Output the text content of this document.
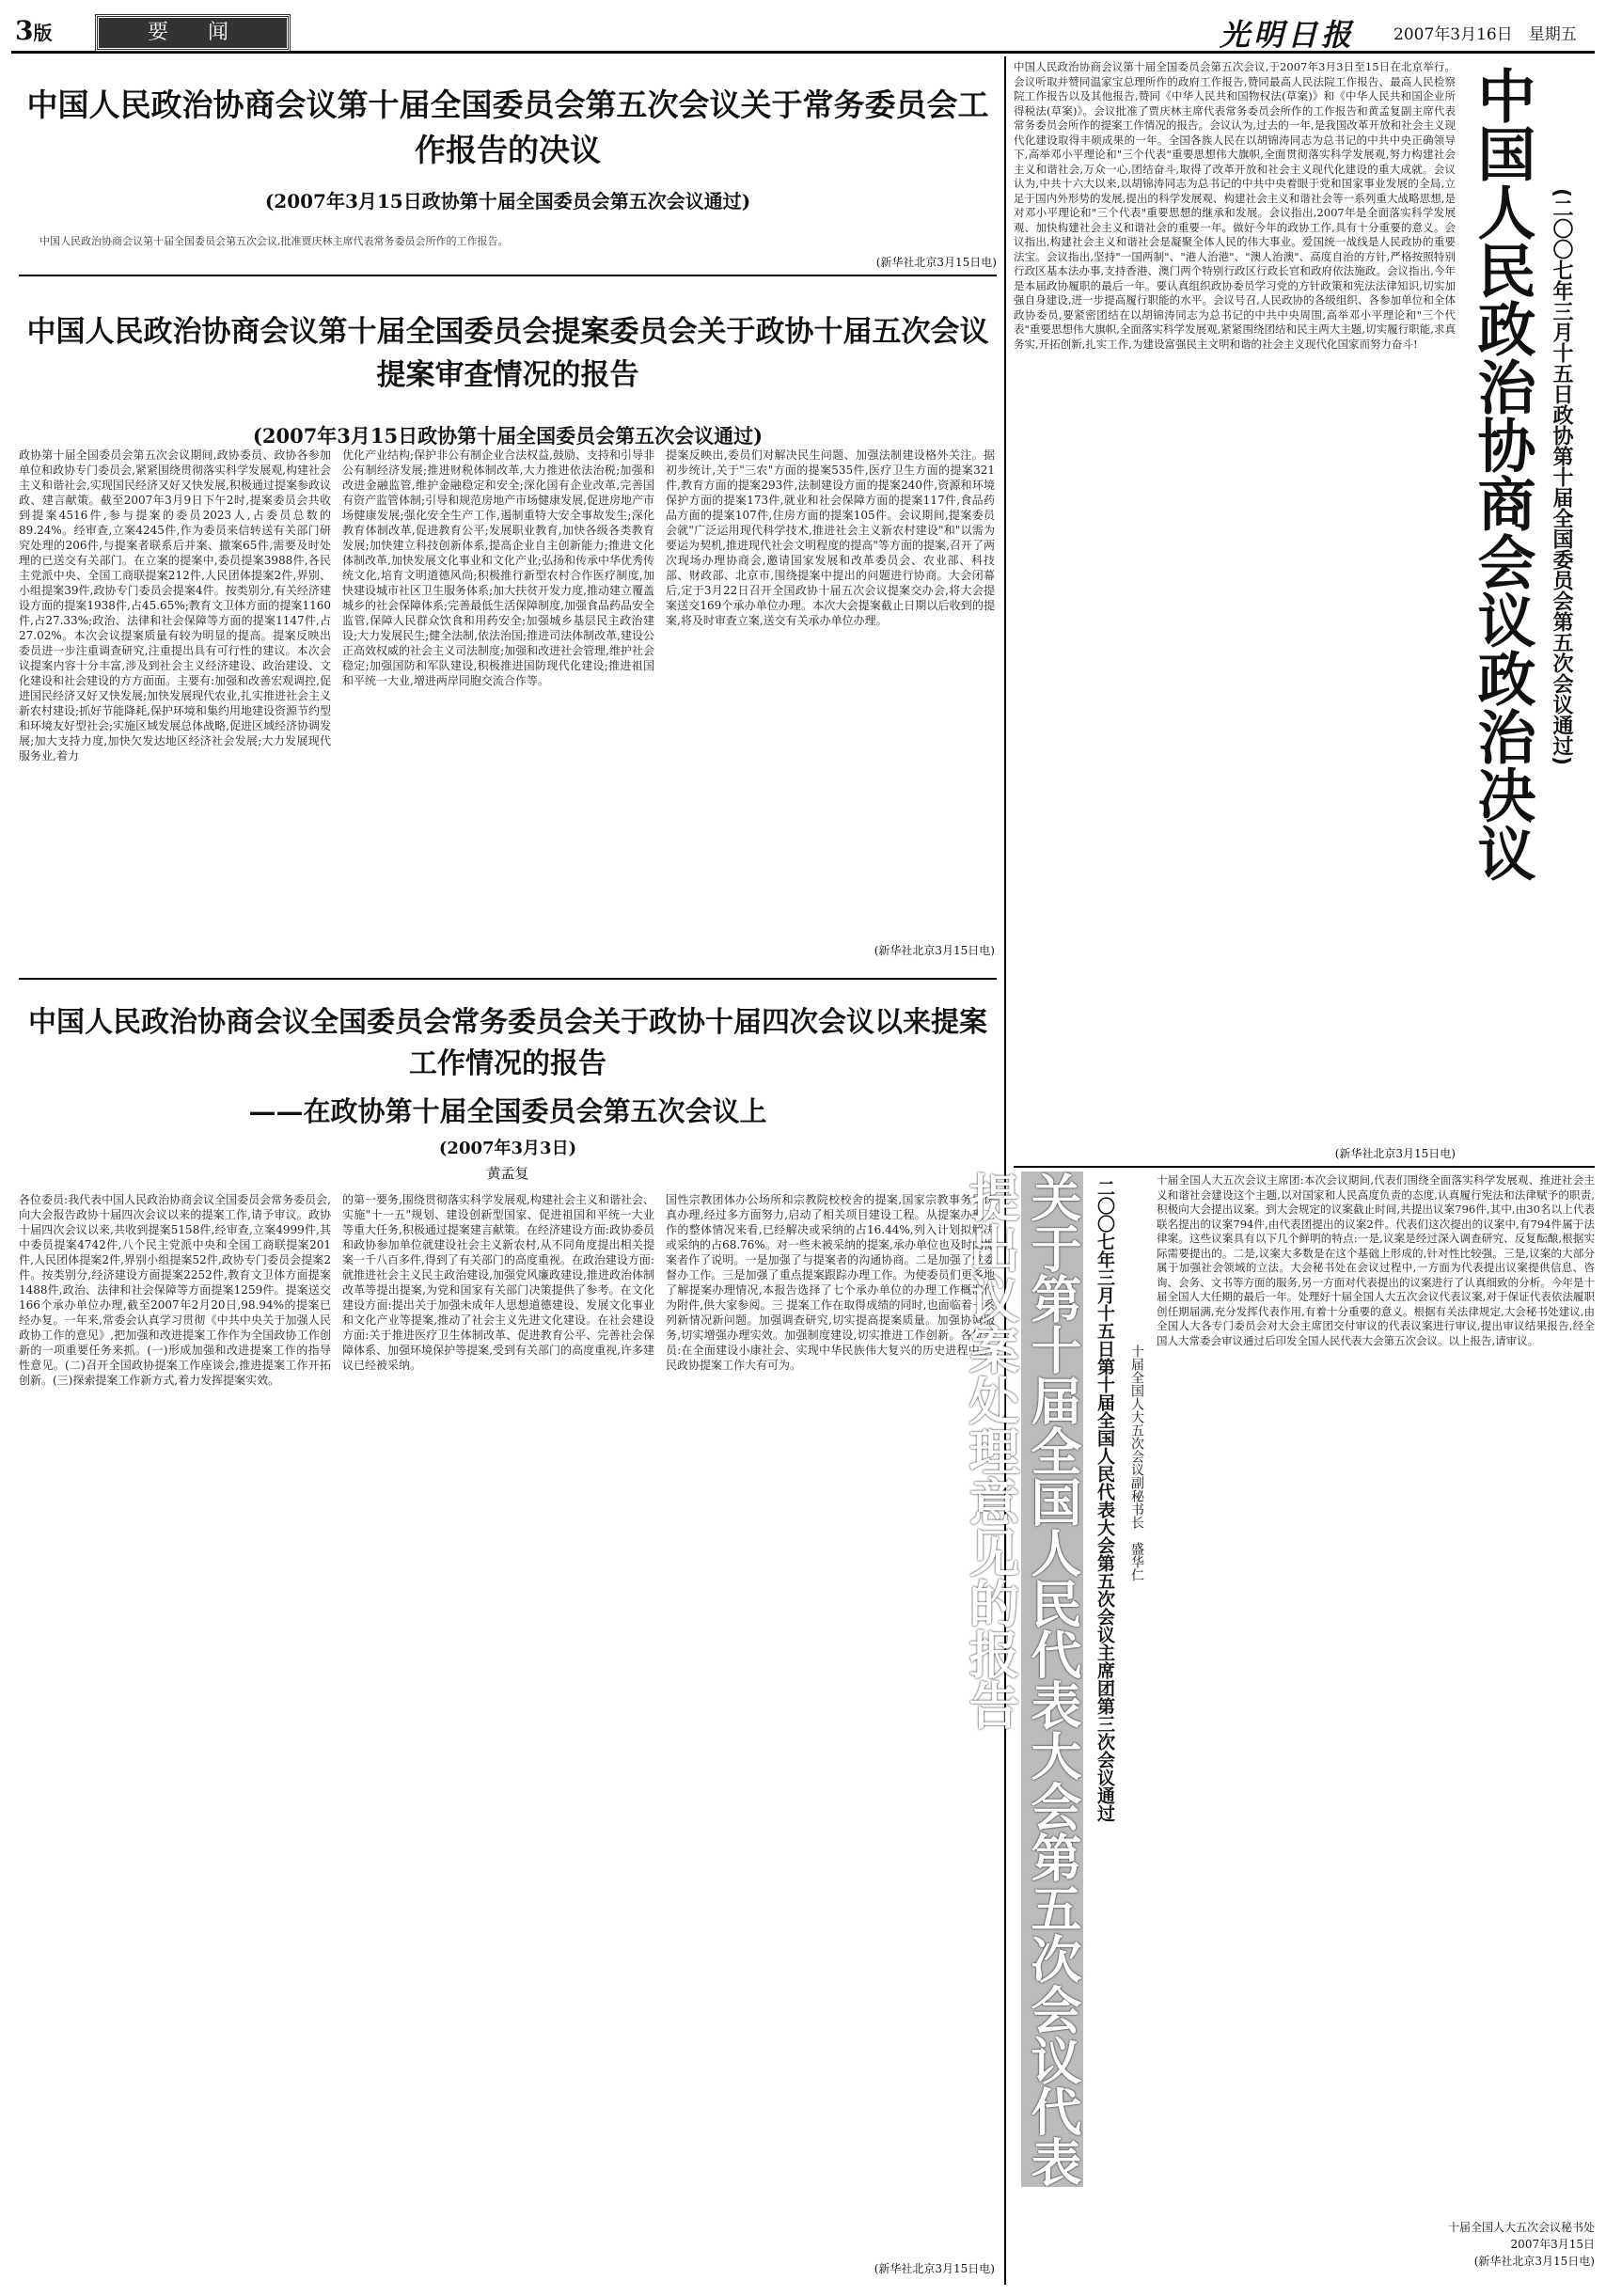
3版	要　闻	光明日报 2007年3月16日　星期五
中国人民政治协商会议第十届全国委员会第五次会议关于常务委员会工作报告的决议
(2007年3月15日政协第十届全国委员会第五次会议通过)
中国人民政治协商会议第十届全国委员会第五次会议,批准贾庆林主席代表常务委员会所作的工作报告。
(新华社北京3月15日电)
中国人民政治协商会议第十届全国委员会提案委员会关于政协十届五次会议提案审查情况的报告
(2007年3月15日政协第十届全国委员会第五次会议通过)
政协第十届全国委员会第五次会议期间,政协委员、政协各参加单位和政协专门委员会,紧紧围绕贯彻落实科学发展观,构建社会主义和谐社会,实现国民经济又好又快发展,积极通过提案参政议政、建言献策。截至2007年3月9日下午2时,提案委员会共收到提案4516件,参与提案的委员2023人,占委员总数的89.24%。经审查,立案4245件,作为委员来信转送有关部门研究处理的206件,与提案者联系后并案、撤案65件,需要及时处理的已送交有关部门。在立案的提案中,委员提案3988件,各民主党派中央、全国工商联提案212件,人民团体提案2件,界别、小组提案39件,政协专门委员会提案4件。按类别分,有关经济建设方面的提案1938件,占45.65%;教育文卫体方面的提案1160件,占27.33%;政治、法律和社会保障等方面的提案1147件,占27.02%。本次会议提案质量有较为明显的提高。提案反映出委员进一步注重调查研究,注重提出具有可行性的建议。本次会议提案内容十分丰富,涉及到社会主义经济建设、政治建设、文化建设和社会建设的方方面面。主要有:加强和改善宏观调控,促进国民经济又好又快发展;加快发展现代农业,扎实推进社会主义新农村建设;抓好节能降耗,保护环境和集约用地建设资源节约型和环境友好型社会;实施区域发展总体战略,促进区域经济协调发展;加大支持力度,加快欠发达地区经济社会发展;大力发展现代服务业,着力
优化产业结构;保护非公有制企业合法权益,鼓励、支持和引导非公有制经济发展;推进财税体制改革,大力推进依法治税;加强和改进金融监管,维护金融稳定和安全;深化国有企业改革,完善国有资产监管体制;引导和规范房地产市场健康发展,促进房地产市场健康发展;强化安全生产工作,遏制重特大安全事故发生;深化教育体制改革,促进教育公平;发展职业教育,加快各级各类教育发展;加快建立科技创新体系,提高企业自主创新能力;推进文化体制改革,加快发展文化事业和文化产业;弘扬和传承中华优秀传统文化,培育文明道德风尚;积极推行新型农村合作医疗制度,加快建设城市社区卫生服务体系;加大扶贫开发力度,推动建立覆盖城乡的社会保障体系;完善最低生活保障制度,加强食品药品安全监管,保障人民群众饮食和用药安全;加强城乡基层民主政治建设;大力发展民生;健全法制,依法治国;推进司法体制改革,建设公正高效权威的社会主义司法制度;加强和改进社会管理,维护社会稳定;加强国防和军队建设,积极推进国防现代化建设;推进祖国和平统一大业,增进两岸同胞交流合作等。
提案反映出,委员们对解决民生问题、加强法制建设格外关注。据初步统计,关于"三农"方面的提案535件,医疗卫生方面的提案321件,教育方面的提案293件,法制建设方面的提案240件,资源和环境保护方面的提案173件,就业和社会保障方面的提案117件,食品药品方面的提案107件,住房方面的提案105件。会议期间,提案委员会就"广泛运用现代科学技术,推进社会主义新农村建设"和"以需为要运为契机,推进现代社会文明程度的提高"等方面的提案,召开了两次现场办理协商会,邀请国家发展和改革委员会、农业部、科技部、财政部、北京市,围绕提案中提出的问题进行协商。大会闭幕后,定于3月22日召开全国政协十届五次会议提案交办会,将大会提案送交169个承办单位办理。本次大会提案截止日期以后收到的提案,将及时审查立案,送交有关承办单位办理。
(新华社北京3月15日电)
中国人民政治协商会议全国委员会常务委员会关于政协十届四次会议以来提案工作情况的报告
——在政协第十届全国委员会第五次会议上
(2007年3月3日)
黄孟复
各位委员:我代表中国人民政治协商会议全国委员会常务委员会,向大会报告政协十届四次会议以来的提案工作,请予审议。政协十届四次会议以来,共收到提案5158件,经审查,立案4999件,其中委员提案4742件,八个民主党派中央和全国工商联提案201件,人民团体提案2件,界别小组提案52件,政协专门委员会提案2件。按类别分,经济建设方面提案2252件,教育文卫体方面提案1488件,政治、法律和社会保障等方面提案1259件。提案送交166个承办单位办理,截至2007年2月20日,98.94%的提案已经办复。一年来,常委会认真学习贯彻《中共中央关于加强人民政协工作的意见》,把加强和改进提案工作作为全国政协工作创新的一项重要任务来抓。(一)形成加强和改进提案工作的指导性意见。(二)召开全国政协提案工作座谈会,推进提案工作开拓创新。(三)探索提案工作新方式,着力发挥提案实效。
的第一要务,围绕贯彻落实科学发展观,构建社会主义和谐社会、实施"十一五"规划、建设创新型国家、促进祖国和平统一大业等重大任务,积极通过提案建言献策。在经济建设方面:政协委员和政协参加单位就建设社会主义新农村,从不同角度提出相关提案一千八百多件,得到了有关部门的高度重视。在政治建设方面:就推进社会主义民主政治建设,加强党风廉政建设,推进政治体制改革等提出提案,为党和国家有关部门决策提供了参考。在文化建设方面:提出关于加强未成年人思想道德建设、发展文化事业和文化产业等提案,推动了社会主义先进文化建设。在社会建设方面:关于推进医疗卫生体制改革、促进教育公平、完善社会保障体系、加强环境保护等提案,受到有关部门的高度重视,许多建议已经被采纳。
国性宗教团体办公场所和宗教院校校舍的提案,国家宗教事务局认真办理,经过多方面努力,启动了相关项目建设工程。从提案办理工作的整体情况来看,已经解决或采纳的占16.44%,列入计划拟解决或采纳的占68.76%。对一些未被采纳的提案,承办单位也及时向提案者作了说明。一是加强了与提案者的沟通协商。二是加强了党委督办工作。三是加强了重点提案跟踪办理工作。为使委员们更多地了解提案办理情况,本报告选择了七个承办单位的办理工作概况作为附件,供大家参阅。三 提案工作在取得成绩的同时,也面临着一系列新情况新问题。加强调查研究,切实提高提案质量。加强协调服务,切实增强办理实效。加强制度建设,切实推进工作创新。各位委员:在全面建设小康社会、实现中华民族伟大复兴的历史进程中,人民政协提案工作大有可为。
(新华社北京3月15日电)
中国人民政治协商会议第十届全国委员会第五次会议,于2007年3月3日至15日在北京举行。会议听取并赞同温家宝总理所作的政府工作报告,赞同最高人民法院工作报告、最高人民检察院工作报告以及其他报告,赞同《中华人民共和国物权法(草案)》和《中华人民共和国企业所得税法(草案)》。会议批准了贾庆林主席代表常务委员会所作的工作报告和黄孟复副主席代表常务委员会所作的提案工作情况的报告。会议认为,过去的一年,是我国改革开放和社会主义现代化建设取得丰硕成果的一年。全国各族人民在以胡锦涛同志为总书记的中共中央正确领导下,高举邓小平理论和"三个代表"重要思想伟大旗帜,全面贯彻落实科学发展观,努力构建社会主义和谐社会,万众一心,团结奋斗,取得了改革开放和社会主义现代化建设的重大成就。会议认为,中共十六大以来,以胡锦涛同志为总书记的中共中央着眼于党和国家事业发展的全局,立足于国内外形势的发展,提出的科学发展观、构建社会主义和谐社会等一系列重大战略思想,是对邓小平理论和"三个代表"重要思想的继承和发展。会议指出,2007年是全面落实科学发展观、加快构建社会主义和谐社会的重要一年。做好今年的政协工作,具有十分重要的意义。会议指出,构建社会主义和谐社会是凝聚全体人民的伟大事业。爱国统一战线是人民政协的重要法宝。会议指出,坚持"一国两制"、"港人治港"、"澳人治澳"、高度自治的方针,严格按照特别行政区基本法办事,支持香港、澳门两个特别行政区行政长官和政府依法施政。会议指出,今年是本届政协履职的最后一年。要认真组织政协委员学习党的方针政策和宪法法律知识,切实加强自身建设,进一步提高履行职能的水平。会议号召,人民政协的各级组织、各参加单位和全体政协委员,要紧密团结在以胡锦涛同志为总书记的中共中央周围,高举邓小平理论和"三个代表"重要思想伟大旗帜,全面落实科学发展观,紧紧围绕团结和民主两大主题,切实履行职能,求真务实,开拓创新,扎实工作,为建设富强民主文明和谐的社会主义现代化国家而努力奋斗!
(新华社北京3月15日电)
中国人民政治协商会议政治决议 (二〇〇七年三月十五日政协第十届全国委员会第五次会议通过)
关于第十届全国人民代表大会第五次会议代表提出议案处理意见的报告	二〇〇七年三月十五日第十届全国人民代表大会第五次会议主席团第三次会议通过	十届全国人大五次会议副秘书长　盛华仁
十届全国人大五次会议主席团:本次会议期间,代表们围绕全面落实科学发展观、推进社会主义和谐社会建设这个主题,以对国家和人民高度负责的态度,认真履行宪法和法律赋予的职责,积极向大会提出议案。到大会规定的议案截止时间,共提出议案796件,其中,由30名以上代表联名提出的议案794件,由代表团提出的议案2件。代表们这次提出的议案中,有794件属于法律案。这些议案具有以下几个鲜明的特点:一是,议案是经过深入调查研究、反复酝酿,根据实际需要提出的。二是,议案大多数是在这个基础上形成的,针对性比较强。三是,议案的大部分属于加强社会领域的立法。大会秘书处在会议过程中,一方面为代表提出议案提供信息、咨询、会务、文书等方面的服务,另一方面对代表提出的议案进行了认真细致的分析。今年是十届全国人大任期的最后一年。处理好十届全国人大五次会议代表议案,对于保证代表依法履职创任期届满,充分发挥代表作用,有着十分重要的意义。根据有关法律规定,大会秘书处建议,由全国人大各专门委员会对大会主席团交付审议的代表议案进行审议,提出审议结果报告,经全国人大常委会审议通过后印发全国人民代表大会第五次会议。以上报告,请审议。
十届全国人大五次会议秘书处
2007年3月15日
(新华社北京3月15日电)
